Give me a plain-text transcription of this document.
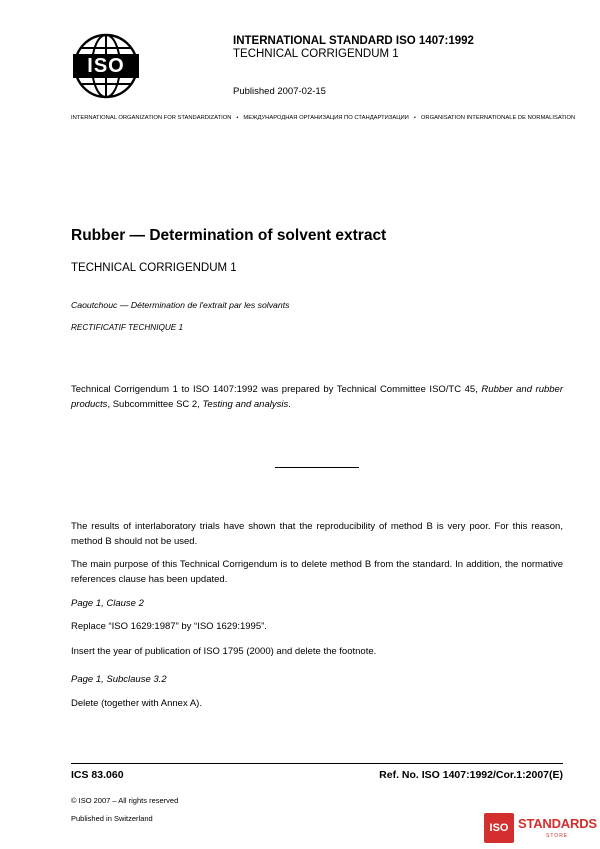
ISO
INTERNATIONAL STANDARD ISO 1407:1992
TECHNICAL CORRIGENDUM 1
Published 2007-02-15
INTERNATIONAL ORGANIZATION FOR STANDARDIZATION • МЕЖДУНАРОДНАЯ ОРГАНИЗАЦИЯ ПО СТАНДАРТИЗАЦИИ • ORGANISATION INTERNATIONALE DE NORMALISATION
Rubber — Determination of solvent extract
TECHNICAL CORRIGENDUM 1
Caoutchouc — Détermination de l'extrait par les solvants
RECTIFICATIF TECHNIQUE 1
Technical Corrigendum 1 to ISO 1407:1992 was prepared by Technical Committee ISO/TC 45, Rubber and rubber products, Subcommittee SC 2, Testing and analysis.
The results of interlaboratory trials have shown that the reproducibility of method B is very poor. For this reason, method B should not be used.
The main purpose of this Technical Corrigendum is to delete method B from the standard. In addition, the normative references clause has been updated.
Page 1, Clause 2
Replace “ISO 1629:1987” by “ISO 1629:1995”.
Insert the year of publication of ISO 1795 (2000) and delete the footnote.
Page 1, Subclause 3.2
Delete (together with Annex A).
ICS 83.060	Ref. No. ISO 1407:1992/Cor.1:2007(E)
© ISO 2007 – All rights reserved
Published in Switzerland
ISO STANDARDS
STORE
